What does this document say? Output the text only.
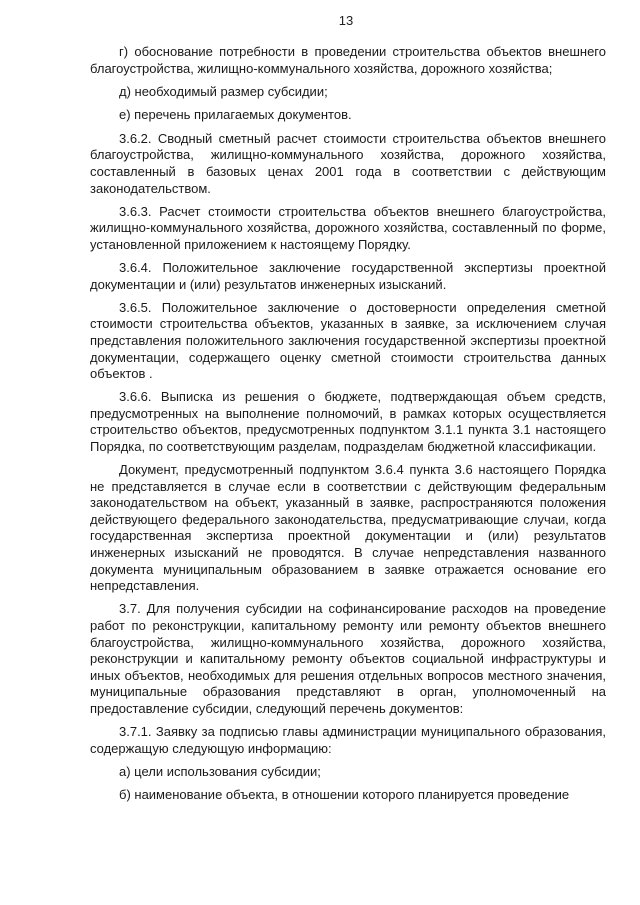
13

г) обоснование потребности в проведении строительства объектов внешнего благоустройства, жилищно-коммунального хозяйства, дорожного хозяйства;

д) необходимый размер субсидии;

е) перечень прилагаемых документов.

3.6.2. Сводный сметный расчет стоимости строительства объектов внешнего благоустройства, жилищно-коммунального хозяйства, дорожного хозяйства, составленный в базовых ценах 2001 года в соответствии с действующим законодательством.

3.6.3. Расчет стоимости строительства объектов внешнего благоустройства, жилищно-коммунального хозяйства, дорожного хозяйства, составленный по форме, установленной приложением к настоящему Порядку.

3.6.4. Положительное заключение государственной экспертизы проектной документации и (или) результатов инженерных изысканий.

3.6.5. Положительное заключение о достоверности определения сметной стоимости строительства объектов, указанных в заявке, за исключением случая представления положительного заключения государственной экспертизы проектной документации, содержащего оценку сметной стоимости строительства данных объектов .

3.6.6. Выписка из решения о бюджете, подтверждающая объем средств, предусмотренных на выполнение полномочий, в рамках которых осуществляется строительство объектов, предусмотренных подпунктом 3.1.1 пункта 3.1 настоящего Порядка, по соответствующим разделам, подразделам бюджетной классификации.

Документ, предусмотренный подпунктом 3.6.4 пункта 3.6 настоящего Порядка не представляется в случае если в соответствии с действующим федеральным законодательством на объект, указанный в заявке, распространяются положения действующего федерального законодательства, предусматривающие случаи, когда государственная экспертиза проектной документации и (или) результатов инженерных изысканий не проводятся. В случае непредставления названного документа муниципальным образованием в заявке отражается основание его непредставления.

3.7. Для получения субсидии на софинансирование расходов на проведение работ по реконструкции, капитальному ремонту или ремонту объектов внешнего благоустройства, жилищно-коммунального хозяйства, дорожного хозяйства, реконструкции и капитальному ремонту объектов социальной инфраструктуры и иных объектов, необходимых для решения отдельных вопросов местного значения, муниципальные образования представляют в орган, уполномоченный на предоставление субсидии, следующий перечень документов:

3.7.1. Заявку за подписью главы администрации муниципального образования, содержащую следующую информацию:

а) цели использования субсидии;

б) наименование объекта, в отношении которого планируется проведение
